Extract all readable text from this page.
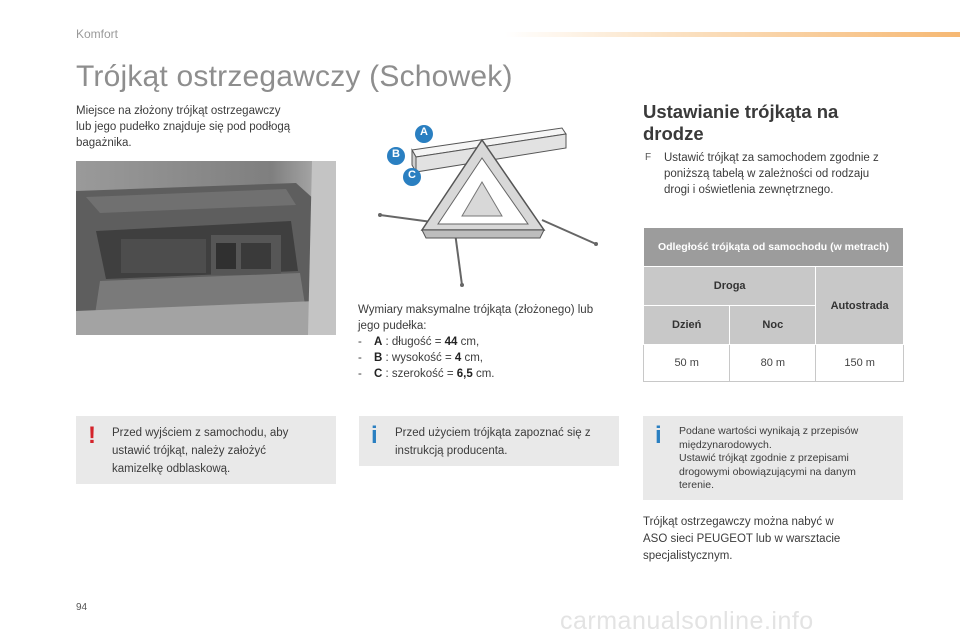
Komfort
Trójkąt ostrzegawczy (Schowek)
Miejsce na złożony trójkąt ostrzegawczy
lub jego pudełko znajduje się pod podłogą
bagażnika.
A
B
C
Wymiary maksymalne trójkąta (złożonego) lub
jego pudełka:
-	A : długość = 44 cm,
-	B : wysokość = 4 cm,
-	C : szerokość = 6,5 cm.
Ustawianie trójkąta na
drodze
F Ustawić trójkąt za samochodem zgodnie z
poniższą tabelą w zależności od rodzaju
drogi i oświetlenia zewnętrznego.
Odległość trójkąta od samochodu (w metrach)		
Droga		Autostrada
Dzień	Noc	
50 m	80 m	150 m
! Przed wyjściem z samochodu, aby
ustawić trójkąt, należy założyć
kamizelkę odblaskową.
i Przed użyciem trójkąta zapoznać się z
instrukcją producenta.
i Podane wartości wynikają z przepisów
międzynarodowych.
Ustawić trójkąt zgodnie z przepisami
drogowymi obowiązującymi na danym
terenie.
Trójkąt ostrzegawczy można nabyć w
ASO sieci PEUGEOT lub w warsztacie
specjalistycznym.
94	carmanualsonline.info
